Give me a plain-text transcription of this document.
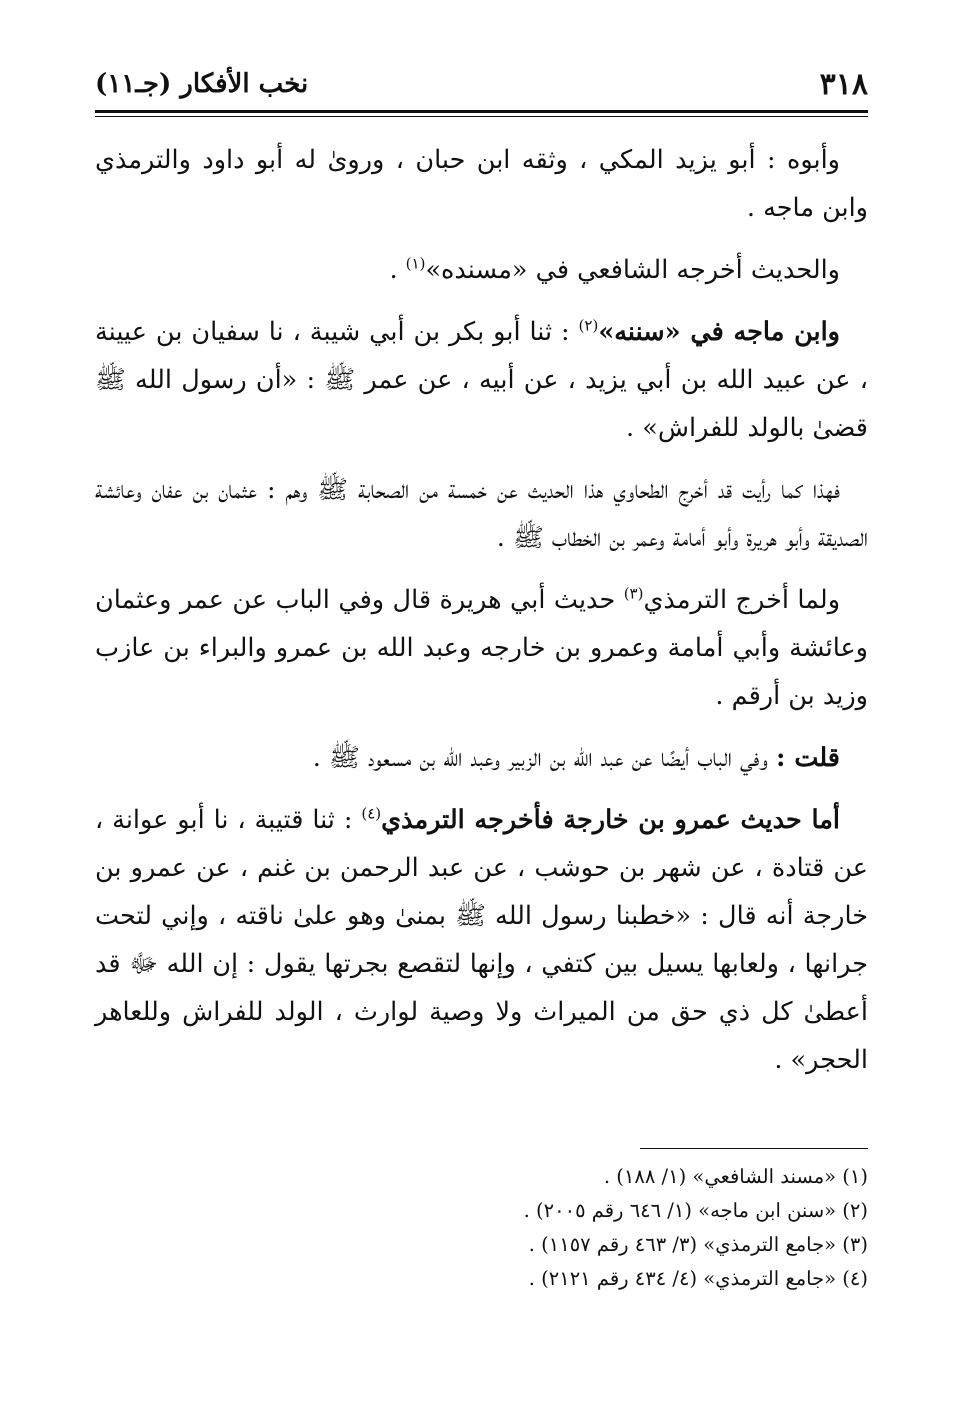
٣١٨
نخب الأفكار (جـ١١)

وأبوه : أبو يزيد المكي ، وثقه ابن حبان ، وروىٰ له أبو داود والترمذي وابن ماجه .

والحديث أخرجه الشافعي في «مسنده»$^{(١)}$ .

وابن ماجه في «سننه»$^{(٢)}$ : ثنا أبو بكر بن أبي شيبة ، نا سفيان بن عيينة ، عن عبيد الله بن أبي يزيد ، عن أبيه ، عن عمر ﷺ : «أن رسول الله ﷺ قضىٰ بالولد للفراش» .

فهذا كما رأيت قد أخرج الطحاوي هذا الحديث عن خمسة من الصحابة ﷺ وهم : عثمان بن عفان وعائشة الصديقة وأبو هريرة وأبو أمامة وعمر بن الخطاب ﷺ .

ولما أخرج الترمذي$^{(٣)}$ حديث أبي هريرة قال وفي الباب عن عمر وعثمان وعائشة وأبي أمامة وعمرو بن خارجه وعبد الله بن عمرو والبراء بن عازب وزيد بن أرقم .

قلت : وفي الباب أيضًا عن عبد الله بن الزبير وعبد الله بن مسعود ﷺ .

أما حديث عمرو بن خارجة فأخرجه الترمذي$^{(٤)}$ : ثنا قتيبة ، نا أبو عوانة ، عن قتادة ، عن شهر بن حوشب ، عن عبد الرحمن بن غنم ، عن عمرو بن خارجة أنه قال : «خطبنا رسول الله ﷺ بمنىٰ وهو علىٰ ناقته ، وإني لتحت جرانها ، ولعابها يسيل بين كتفي ، وإنها لتقصع بجرتها يقول : إن الله ﷻ قد أعطىٰ كل ذي حق من الميراث ولا وصية لوارث ، الولد للفراش وللعاهر الحجر» .

(١) «مسند الشافعي» (١/ ١٨٨) .
(٢) «سنن ابن ماجه» (١/ ٦٤٦ رقم ٢٠٠٥) .
(٣) «جامع الترمذي» (٣/ ٤٦٣ رقم ١١٥٧) .
(٤) «جامع الترمذي» (٤/ ٤٣٤ رقم ٢١٢١) .
